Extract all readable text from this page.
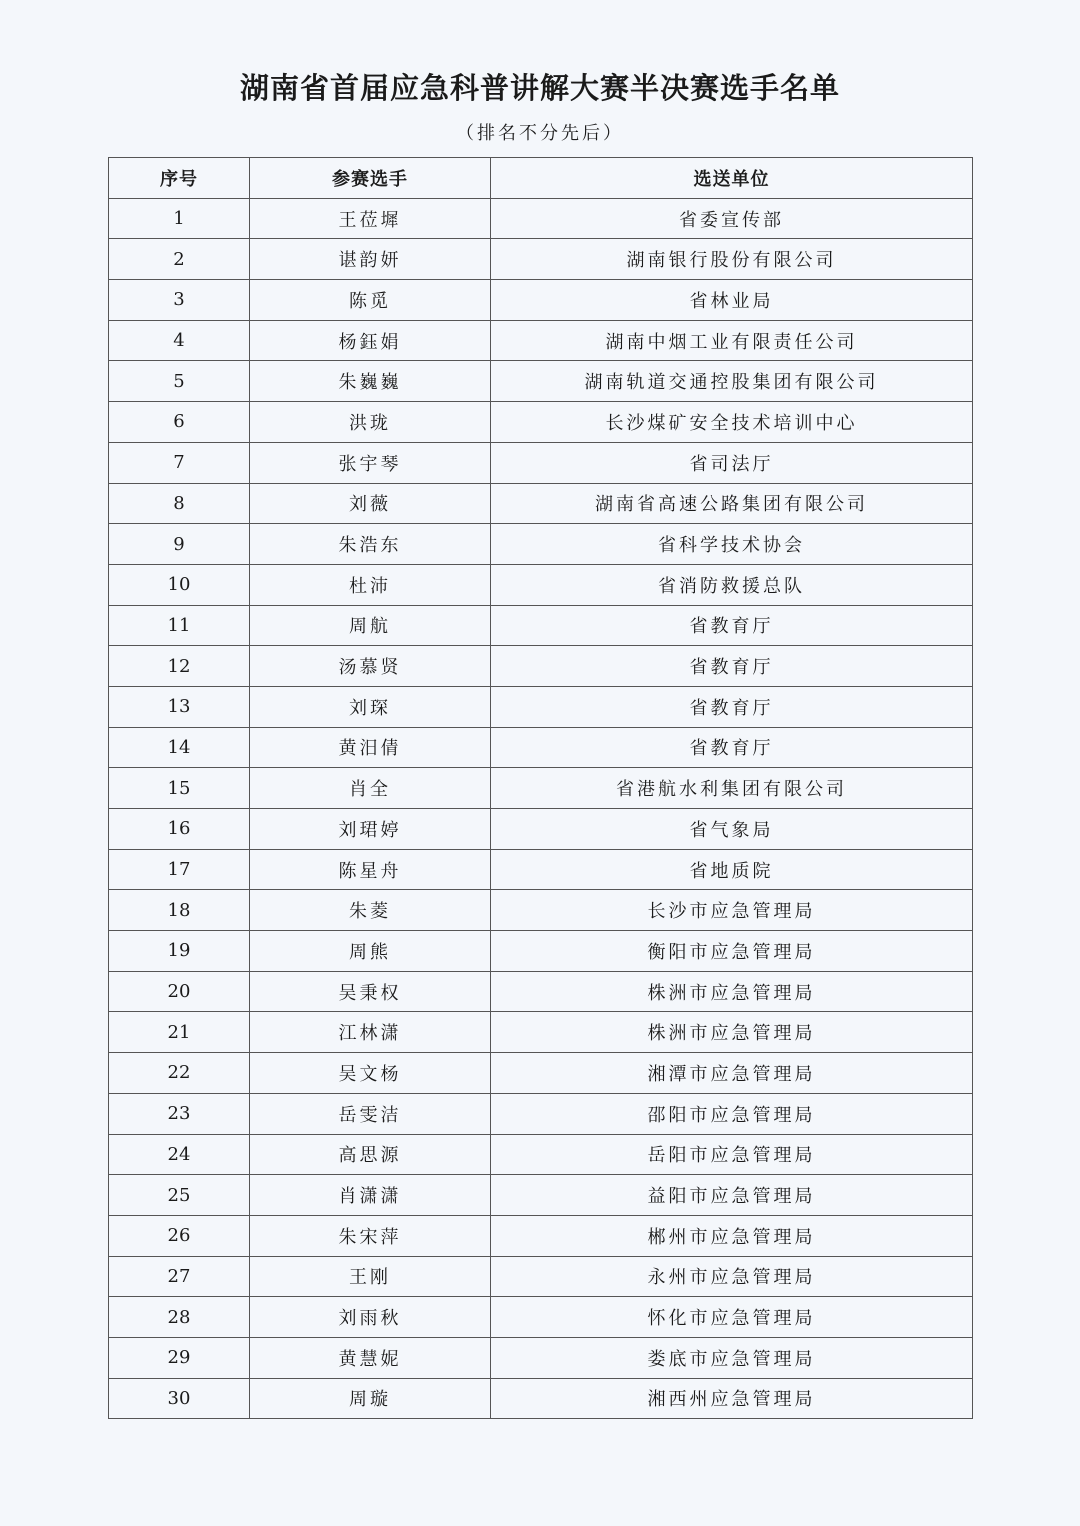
湖南省首届应急科普讲解大赛半决赛选手名单
（排名不分先后）
序号	参赛选手	选送单位
1	王莅墀	省委宣传部
2	谌韵妍	湖南银行股份有限公司
3	陈觅	省林业局
4	杨鈺娟	湖南中烟工业有限责任公司
5	朱巍巍	湖南轨道交通控股集团有限公司
6	洪珑	长沙煤矿安全技术培训中心
7	张宇琴	省司法厅
8	刘薇	湖南省高速公路集团有限公司
9	朱浩东	省科学技术协会
10	杜沛	省消防救援总队
11	周航	省教育厅
12	汤慕贤	省教育厅
13	刘琛	省教育厅
14	黄汨倩	省教育厅
15	肖全	省港航水利集团有限公司
16	刘珺婷	省气象局
17	陈星舟	省地质院
18	朱菱	长沙市应急管理局
19	周熊	衡阳市应急管理局
20	吴秉权	株洲市应急管理局
21	江林潇	株洲市应急管理局
22	吴文杨	湘潭市应急管理局
23	岳雯洁	邵阳市应急管理局
24	高思源	岳阳市应急管理局
25	肖潇潇	益阳市应急管理局
26	朱宋萍	郴州市应急管理局
27	王刚	永州市应急管理局
28	刘雨秋	怀化市应急管理局
29	黄慧妮	娄底市应急管理局
30	周璇	湘西州应急管理局
